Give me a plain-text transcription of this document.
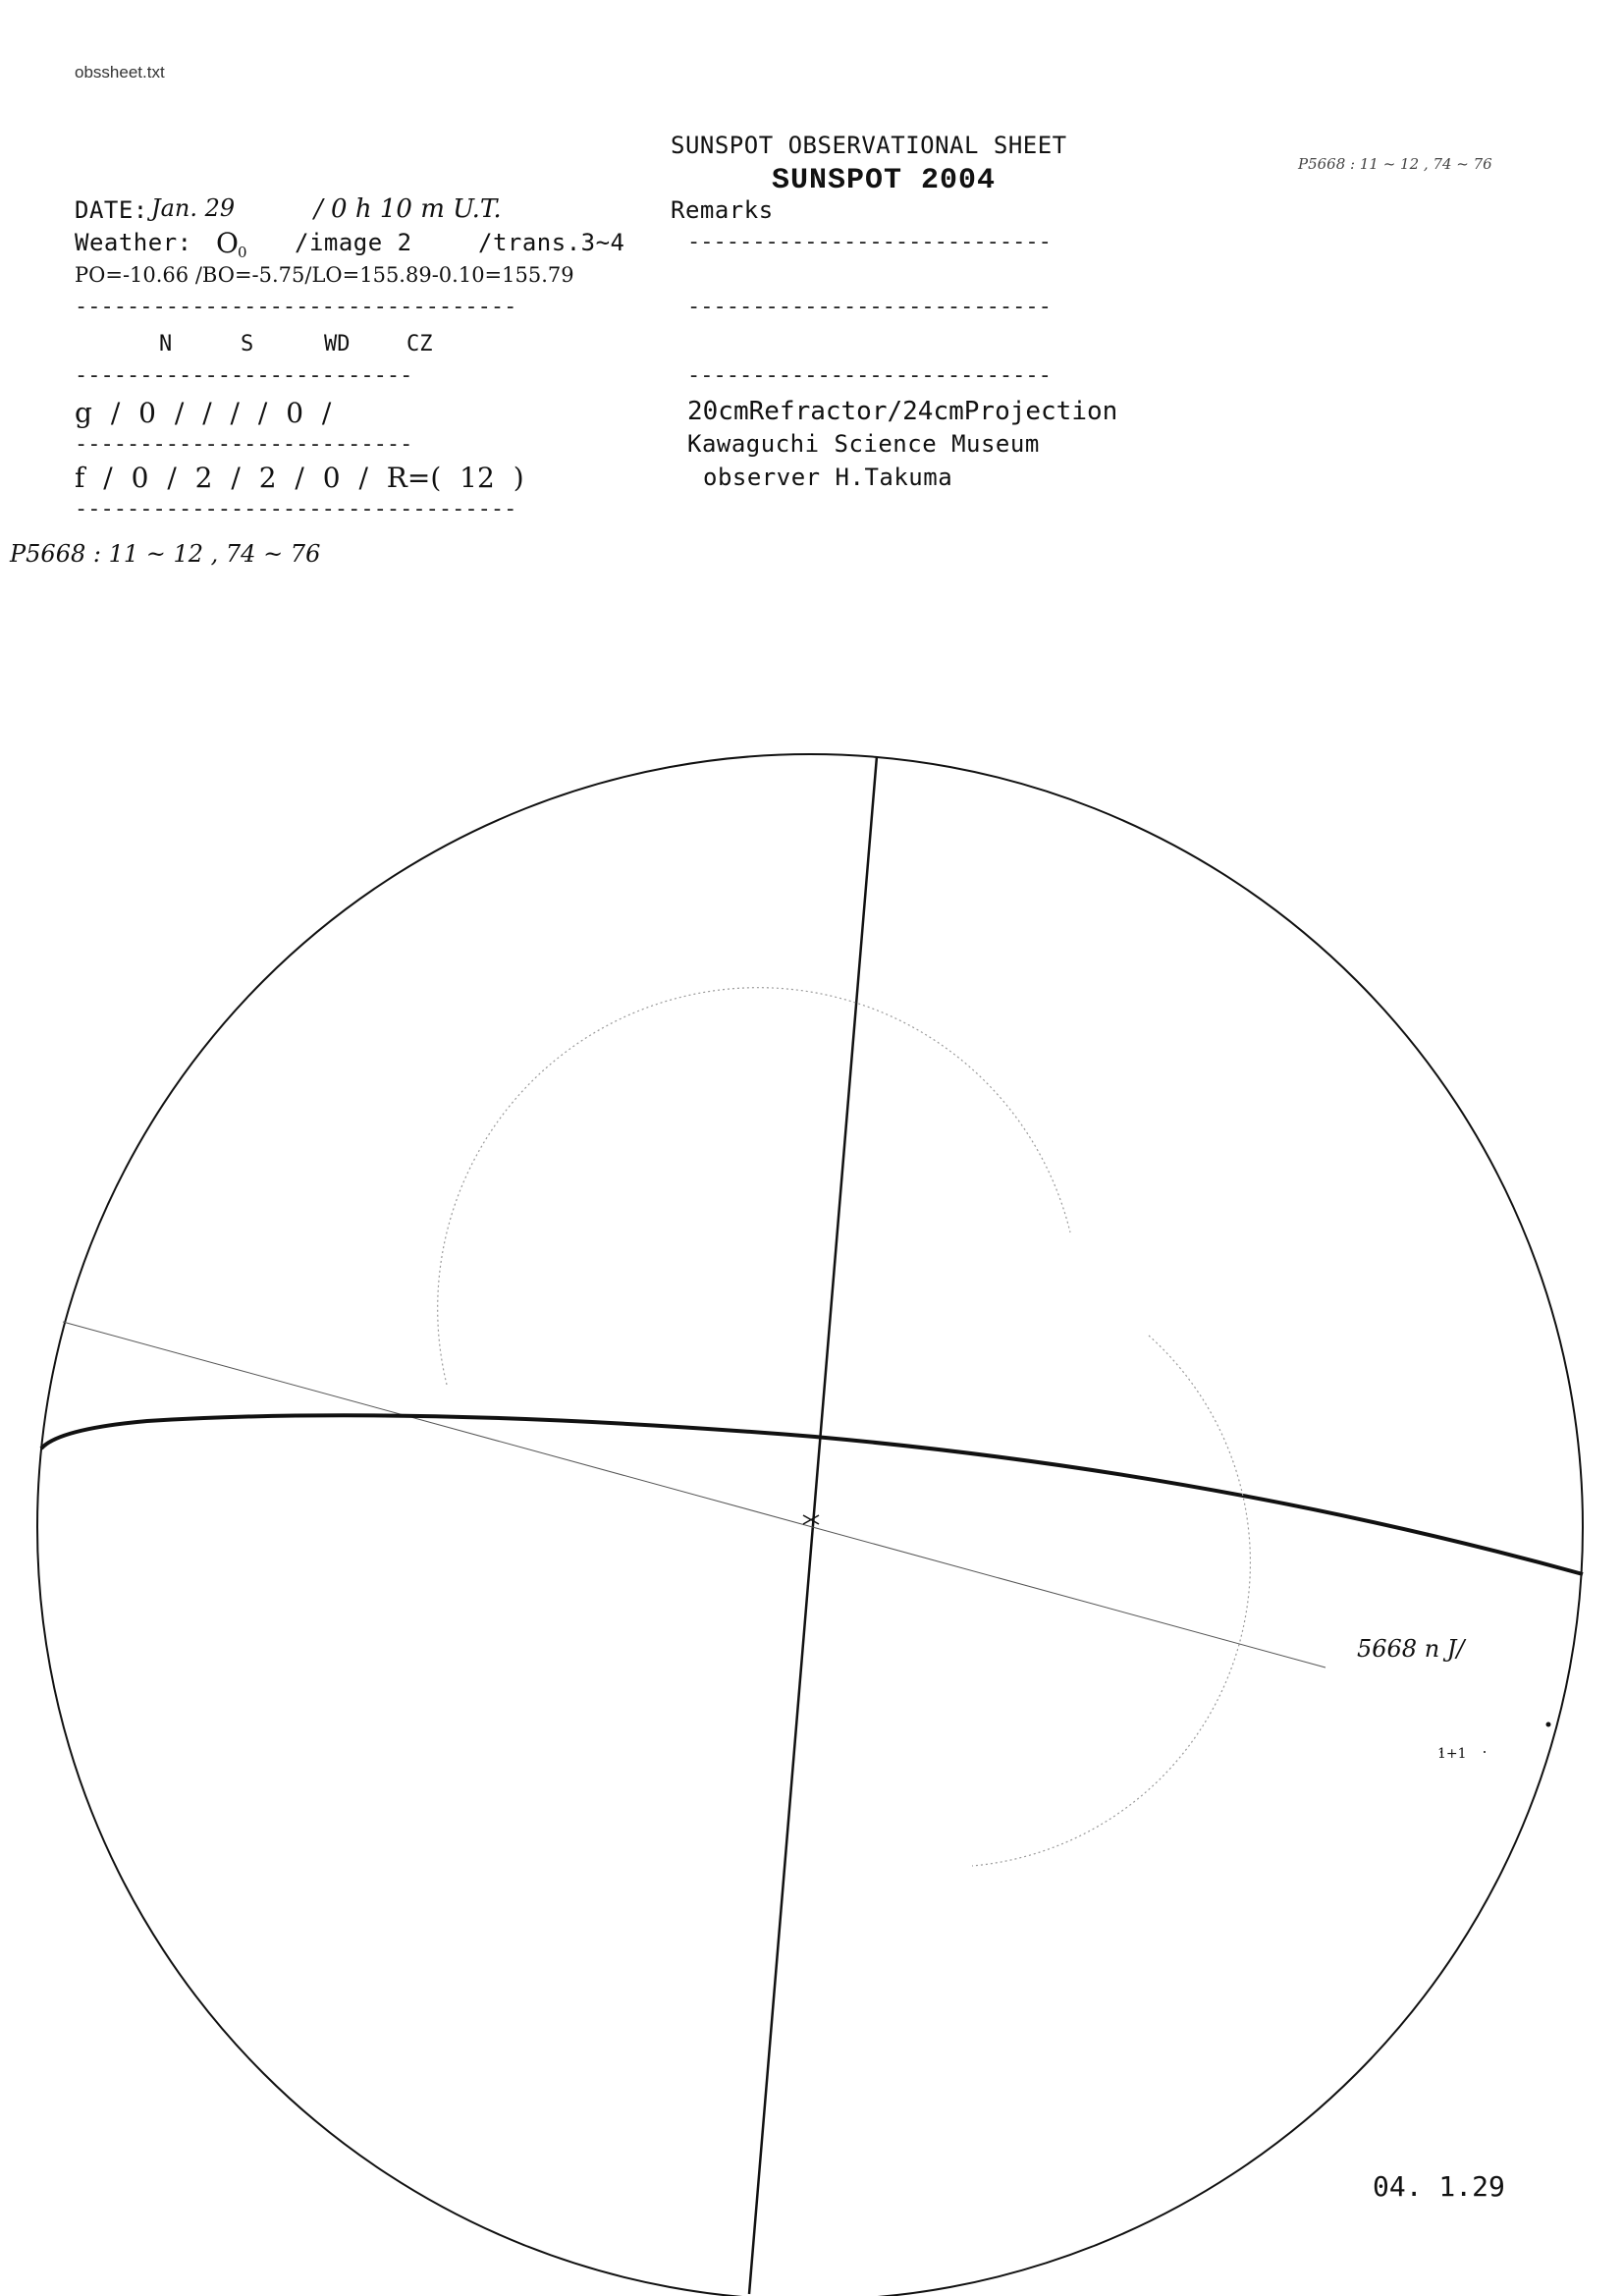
obssheet.txt
SUNSPOT OBSERVATIONAL SHEET
SUNSPOT 2004	P5668 : 11 ~ 12 , 74 ~ 76
DATE: Jan. 29	/ 0 h 10 m U.T.
Weather: O 0 /image 2	/trans.3~4
PO=-10.66 /BO=-5.75/LO=155.89-0.10=155.79
----------------------------------
N	S	WD	CZ
--------------------------
g / 0 / / / / 0 /
--------------------------
f / 0 / 2 / 2 / 0 / R=( 12 )
----------------------------------
P5668 : 11 ~ 12 , 74 ~ 76
Remarks
----------------------------
----------------------------
----------------------------
20cmRefractor/24cmProjection
Kawaguchi Science Museum
observer H.Takuma
5668 n J/
1+1
04. 1.29
